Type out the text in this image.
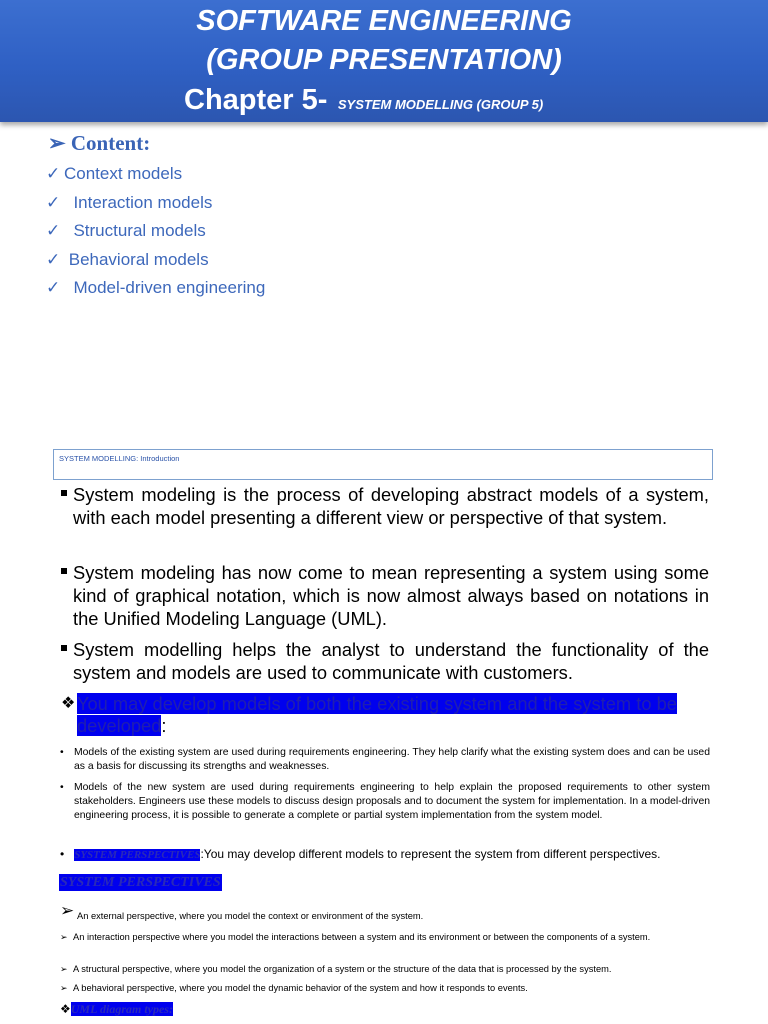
SOFTWARE ENGINEERING
(GROUP PRESENTATION)
Chapter 5- SYSTEM MODELLING (GROUP 5)
➢ Content:
✓ Context models
✓ Interaction models
✓ Structural models
✓ Behavioral models
✓ Model-driven engineering
SYSTEM MODELLING: Introduction
System modeling is the process of developing abstract models of a system, with each model presenting a different view or perspective of that system.
System modeling has now come to mean representing a system using some kind of graphical notation, which is now almost always based on notations in the Unified Modeling Language (UML).
System modelling helps the analyst to understand the functionality of the system and models are used to communicate with customers.
❖ You may develop models of both the existing system and the system to be developed:
• Models of the existing system are used during requirements engineering. They help clarify what the existing system does and can be used as a basis for discussing its strengths and weaknesses.
• Models of the new system are used during requirements engineering to help explain the proposed requirements to other system stakeholders. Engineers use these models to discuss design proposals and to document the system for implementation. In a model-driven engineering process, it is possible to generate a complete or partial system implementation from the system model.
• SYSTEM PERSPECTIVES:You may develop different models to represent the system from different perspectives.
SYSTEM PERSPECTIVES
➢ An external perspective, where you model the context or environment of the system.
➢ An interaction perspective where you model the interactions between a system and its environment or between the components of a system.
➢ A structural perspective, where you model the organization of a system or the structure of the data that is processed by the system.
➢ A behavioral perspective, where you model the dynamic behavior of the system and how it responds to events.
❖UML diagram types:
